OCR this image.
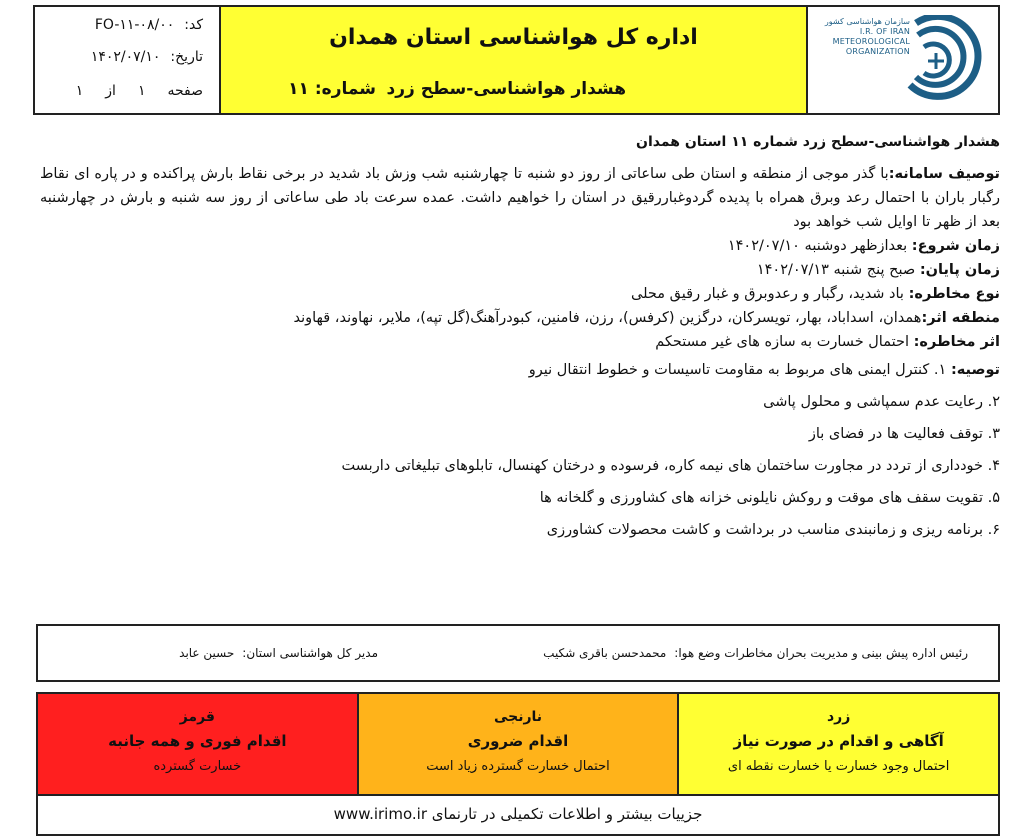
کد:
FO-۱۱-۰۸/۰۰
تاریخ:
۱۴۰۲/۰۷/۱۰
صفحه
۱
از
۱
اداره کل هواشناسی استان همدان
هشدار هواشناسی-سطح زرد
شماره:
۱۱
سازمان هواشناسی کشور
I.R. OF IRAN
METEOROLOGICAL
ORGANIZATION
هشدار هواشناسی-سطح زرد شماره ۱۱ استان همدان
توصیف سامانه:با گذر موجی از منطقه و استان طی ساعاتی از روز دو شنبه تا چهارشنبه شب وزش باد شدید در برخی نقاط بارش پراکنده و در پاره ای نقاط رگبار باران با احتمال رعد وبرق همراه با پدیده گردوغباررقیق در استان را خواهیم داشت. عمده سرعت باد طی ساعاتی از روز سه شنبه و بارش در چهارشنبه بعد از ظهر تا اوایل شب خواهد بود
زمان شروع: بعدازظهر دوشنبه ۱۴۰۲/۰۷/۱۰
زمان پایان: صبح پنج شنبه ۱۴۰۲/۰۷/۱۳
نوع مخاطره: باد شدید، رگبار و رعدوبرق و غبار رقیق محلی
منطقه اثر:همدان، اسداباد، بهار، تویسرکان، درگزین (کرفس)، رزن، فامنین، کبودرآهنگ(گل تپه)، ملایر، نهاوند، قهاوند
اثر مخاطره: احتمال خسارت به سازه های غیر مستحکم
توصیه: ۱. کنترل ایمنی های مربوط به مقاومت تاسیسات و خطوط انتقال نیرو
۲. رعایت عدم سمپاشی و محلول پاشی
۳. توقف فعالیت ها در فضای باز
۴. خودداری از تردد در مجاورت ساختمان های نیمه کاره، فرسوده و درختان کهنسال، تابلوهای تبلیغاتی داربست
۵. تقویت سقف های موقت و روکش نایلونی خزانه های کشاورزی و گلخانه ها
۶. برنامه ریزی و زمانبندی مناسب در برداشت و کاشت محصولات کشاورزی
رئیس اداره پیش بینی و مدیریت بحران مخاطرات وضع هوا:
محمدحسن باقری شکیب
مدیر کل هواشناسی استان:
حسین عابد
زرد
آگاهی و اقدام در صورت نیاز
احتمال وجود خسارت یا خسارت نقطه ای
نارنجی
اقدام ضروری
احتمال خسارت گسترده زیاد است
قرمز
اقدام فوری و همه جانبه
خسارت گسترده
جزییات بیشتر و اطلاعات تکمیلی در تارنمای www.irimo.ir
